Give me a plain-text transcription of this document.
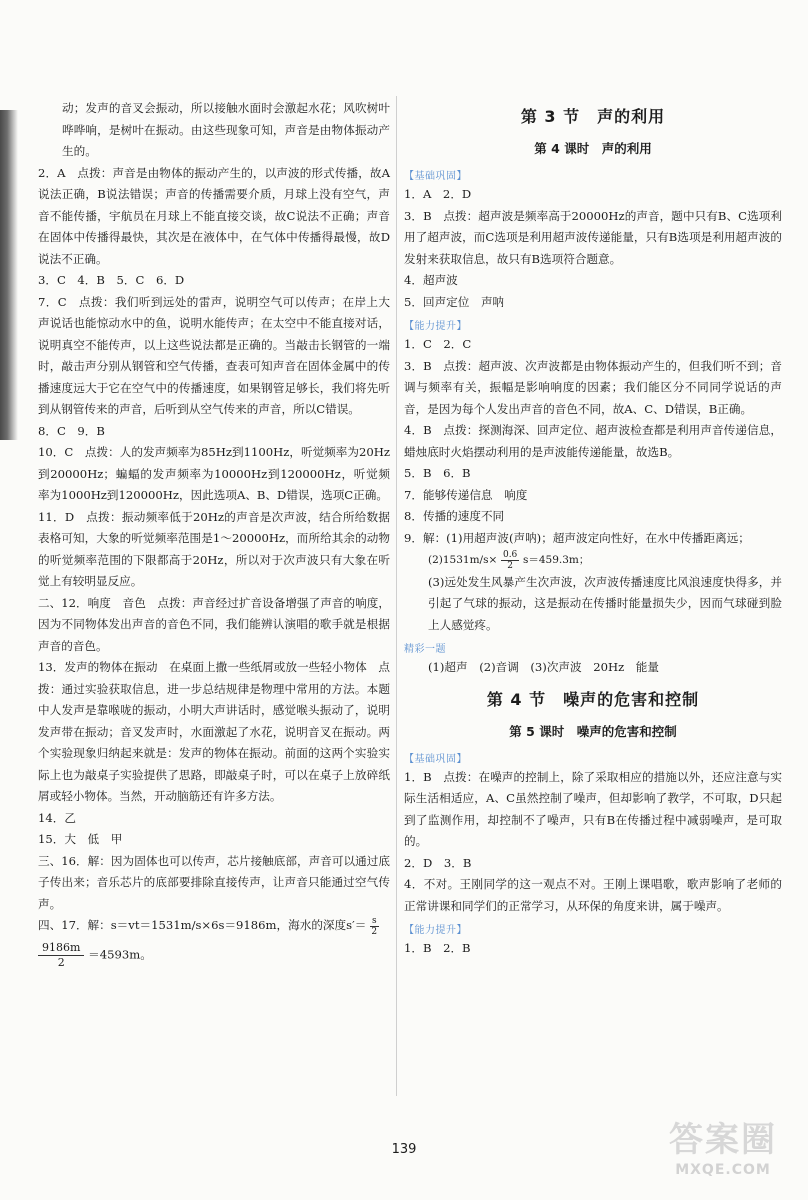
动；发声的音叉会振动，所以接触水面时会激起水花；风吹树叶哗哗响，是树叶在振动。由这些现象可知，声音是由物体振动产生的。

2．A　点拨：声音是由物体的振动产生的，以声波的形式传播，故A说法正确，B说法错误；声音的传播需要介质，月球上没有空气，声音不能传播，宇航员在月球上不能直接交谈，故C说法不正确；声音在固体中传播得最快，其次是在液体中，在气体中传播得最慢，故D说法不正确。

3．C　4．B　5．C　6．D

7．C　点拨：我们听到远处的雷声，说明空气可以传声；在岸上大声说话也能惊动水中的鱼，说明水能传声；在太空中不能直接对话，说明真空不能传声，以上这些说法都是正确的。当敲击长钢管的一端时，敲击声分别从钢管和空气传播，查表可知声音在固体金属中的传播速度远大于它在空气中的传播速度，如果钢管足够长，我们将先听到从钢管传来的声音，后听到从空气传来的声音，所以C错误。

8．C　9．B

10．C　点拨：人的发声频率为85Hz到1100Hz，听觉频率为20Hz到20000Hz；蝙蝠的发声频率为10000Hz到120000Hz，听觉频率为1000Hz到120000Hz，因此选项A、B、D错误，选项C正确。

11．D　点拨：振动频率低于20Hz的声音是次声波，结合所给数据表格可知，大象的听觉频率范围是1～20000Hz，而所给其余的动物的听觉频率范围的下限都高于20Hz，所以对于次声波只有大象在听觉上有较明显反应。

二、12．响度　音色　点拨：声音经过扩音设备增强了声音的响度，因为不同物体发出声音的音色不同，我们能辨认演唱的歌手就是根据声音的音色。

13．发声的物体在振动　在桌面上撒一些纸屑或放一些轻小物体　点拨：通过实验获取信息，进一步总结规律是物理中常用的方法。本题中人发声是靠喉咙的振动，小明大声讲话时，感觉喉头振动了，说明发声带在振动；音叉发声时，水面激起了水花，说明音叉在振动。两个实验现象归纳起来就是：发声的物体在振动。前面的这两个实验实际上也为敲桌子实验提供了思路，即敲桌子时，可以在桌子上放碎纸屑或轻小物体。当然，开动脑筋还有许多方法。

14．乙

15．大　低　甲

三、16．解：因为固体也可以传声，芯片接触底部，声音可以通过底子传出来；音乐芯片的底部要排除直接传声，让声音只能通过空气传声。

四、17．解：s＝vt＝1531m/s×6s＝9186m，海水的深度$s'= \frac{s}{2}$

$\frac{9186m}{2} =4593m$。

第 3 节　声的利用
第 4 课时　声的利用
【基础巩固】

1．A　2．D

3．B　点拨：超声波是频率高于20000Hz的声音，题中只有B、C选项利用了超声波，而C选项是利用超声波传递能量，只有B选项是利用超声波的发射来获取信息，故只有B选项符合题意。

4．超声波

5．回声定位　声呐

【能力提升】

1．C　2．C

3．B　点拨：超声波、次声波都是由物体振动产生的，但我们听不到；音调与频率有关，振幅是影响响度的因素；我们能区分不同同学说话的声音，是因为每个人发出声音的音色不同，故A、C、D错误，B正确。

4．B　点拨：探测海深、回声定位、超声波检查都是利用声音传递信息，蜡烛底时火焰摆动利用的是声波能传递能量，故选B。

5．B　6．B

7．能够传递信息　响度

8．传播的速度不同

9．解：(1)用超声波(声呐)；超声波定向性好，在水中传播距离远；

$(2)1531m/s\times \frac{0.6}{2} s=459.3m$；

(3)远处发生风暴产生次声波，次声波传播速度比风浪速度快得多，并引起了气球的振动，这是振动在传播时能量损失少，因而气球碰到脸上人感觉疼。

精彩一题

(1)超声　(2)音调　(3)次声波　20Hz　能量

第 4 节　噪声的危害和控制
第 5 课时　噪声的危害和控制
【基础巩固】

1．B　点拨：在噪声的控制上，除了采取相应的措施以外，还应注意与实际生活相适应，A、C虽然控制了噪声，但却影响了教学，不可取，D只起到了监测作用，却控制不了噪声，只有B在传播过程中减弱噪声，是可取的。

2．D　3．B

4．不对。王刚同学的这一观点不对。王刚上课唱歌，歌声影响了老师的正常讲课和同学们的正常学习，从环保的角度来讲，属于噪声。

【能力提升】

1．B　2．B

139	答案圈
MXQE.COM
